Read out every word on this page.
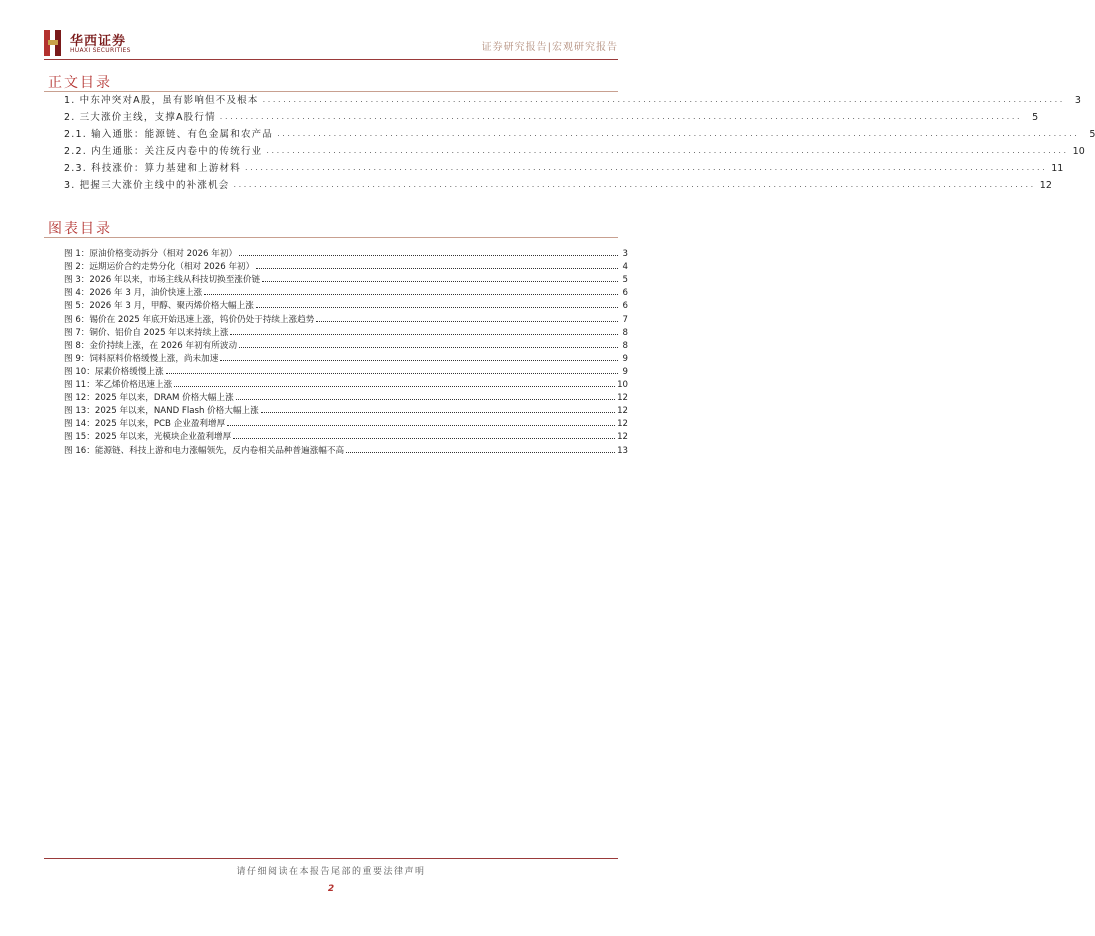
华西证券
HUAXI SECURITIES	证券研究报告|宏观研究报告
正文目录
1. 中东冲突对A股，虽有影响但不及根本 ............................................................................................................................................................	3
2. 三大涨价主线，支撑A股行情 ............................................................................................................................................................	5
2.1. 输入通胀：能源链、有色金属和农产品 ............................................................................................................................................................	5
2.2. 内生通胀：关注反内卷中的传统行业 ............................................................................................................................................................ 10
2.3. 科技涨价：算力基建和上游材料 ............................................................................................................................................................ 11
3. 把握三大涨价主线中的补涨机会 ............................................................................................................................................................ 12
图表目录
图 1：原油价格变动拆分（相对 2026 年初）	3
图 2：远期运价合约走势分化（相对 2026 年初）	4
图 3：2026 年以来，市场主线从科技切换至涨价链	5
图 4：2026 年 3 月，油价快速上涨	6
图 5：2026 年 3 月，甲醇、聚丙烯价格大幅上涨	6
图 6：锡价在 2025 年底开始迅速上涨，钨价仍处于持续上涨趋势	7
图 7：铜价、铝价自 2025 年以来持续上涨	8
图 8：金价持续上涨，在 2026 年初有所波动	8
图 9：饲料原料价格缓慢上涨，尚未加速	9
图 10：尿素价格缓慢上涨	9
图 11：苯乙烯价格迅速上涨	10
图 12：2025 年以来，DRAM 价格大幅上涨	12
图 13：2025 年以来，NAND Flash 价格大幅上涨	12
图 14：2025 年以来，PCB 企业盈利增厚	12
图 15：2025 年以来，光模块企业盈利增厚	12
图 16：能源链、科技上游和电力涨幅领先，反内卷相关品种普遍涨幅不高	13
请仔细阅读在本报告尾部的重要法律声明
2
